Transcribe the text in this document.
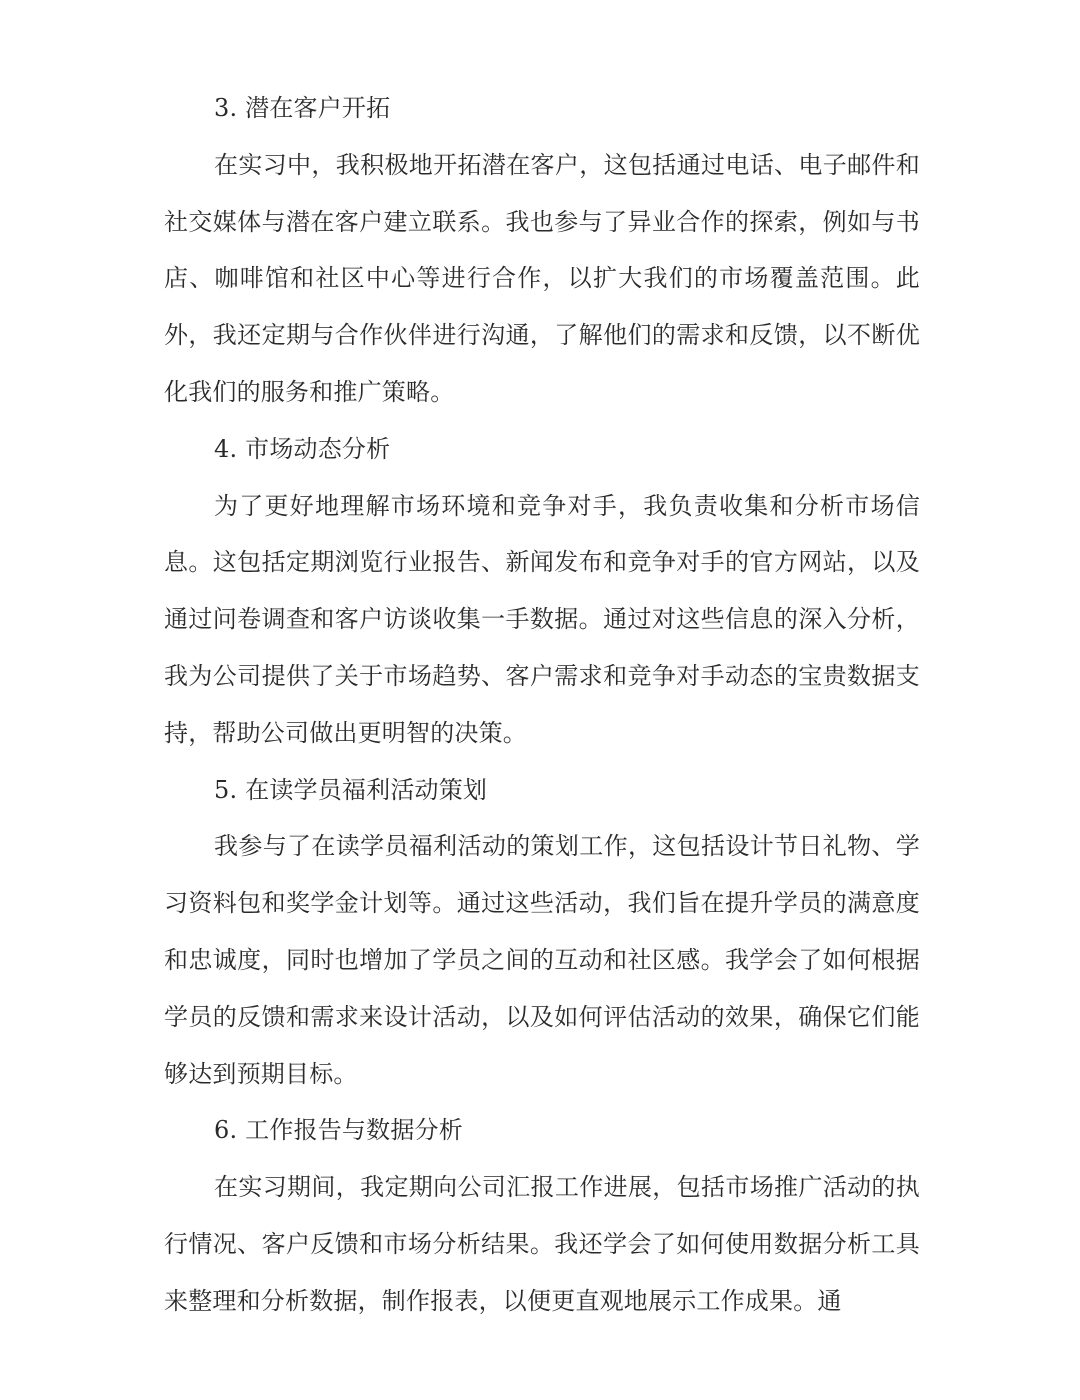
3. 潜在客户开拓

在实习中，我积极地开拓潜在客户，这包括通过电话、电子邮件和社交媒体与潜在客户建立联系。我也参与了异业合作的探索，例如与书店、咖啡馆和社区中心等进行合作，以扩大我们的市场覆盖范围。此外，我还定期与合作伙伴进行沟通，了解他们的需求和反馈，以不断优化我们的服务和推广策略。

4. 市场动态分析

为了更好地理解市场环境和竞争对手，我负责收集和分析市场信息。这包括定期浏览行业报告、新闻发布和竞争对手的官方网站，以及通过问卷调查和客户访谈收集一手数据。通过对这些信息的深入分析，我为公司提供了关于市场趋势、客户需求和竞争对手动态的宝贵数据支持，帮助公司做出更明智的决策。

5. 在读学员福利活动策划

我参与了在读学员福利活动的策划工作，这包括设计节日礼物、学习资料包和奖学金计划等。通过这些活动，我们旨在提升学员的满意度和忠诚度，同时也增加了学员之间的互动和社区感。我学会了如何根据学员的反馈和需求来设计活动，以及如何评估活动的效果，确保它们能够达到预期目标。

6. 工作报告与数据分析

在实习期间，我定期向公司汇报工作进展，包括市场推广活动的执行情况、客户反馈和市场分析结果。我还学会了如何使用数据分析工具来整理和分析数据，制作报表，以便更直观地展示工作成果。通
